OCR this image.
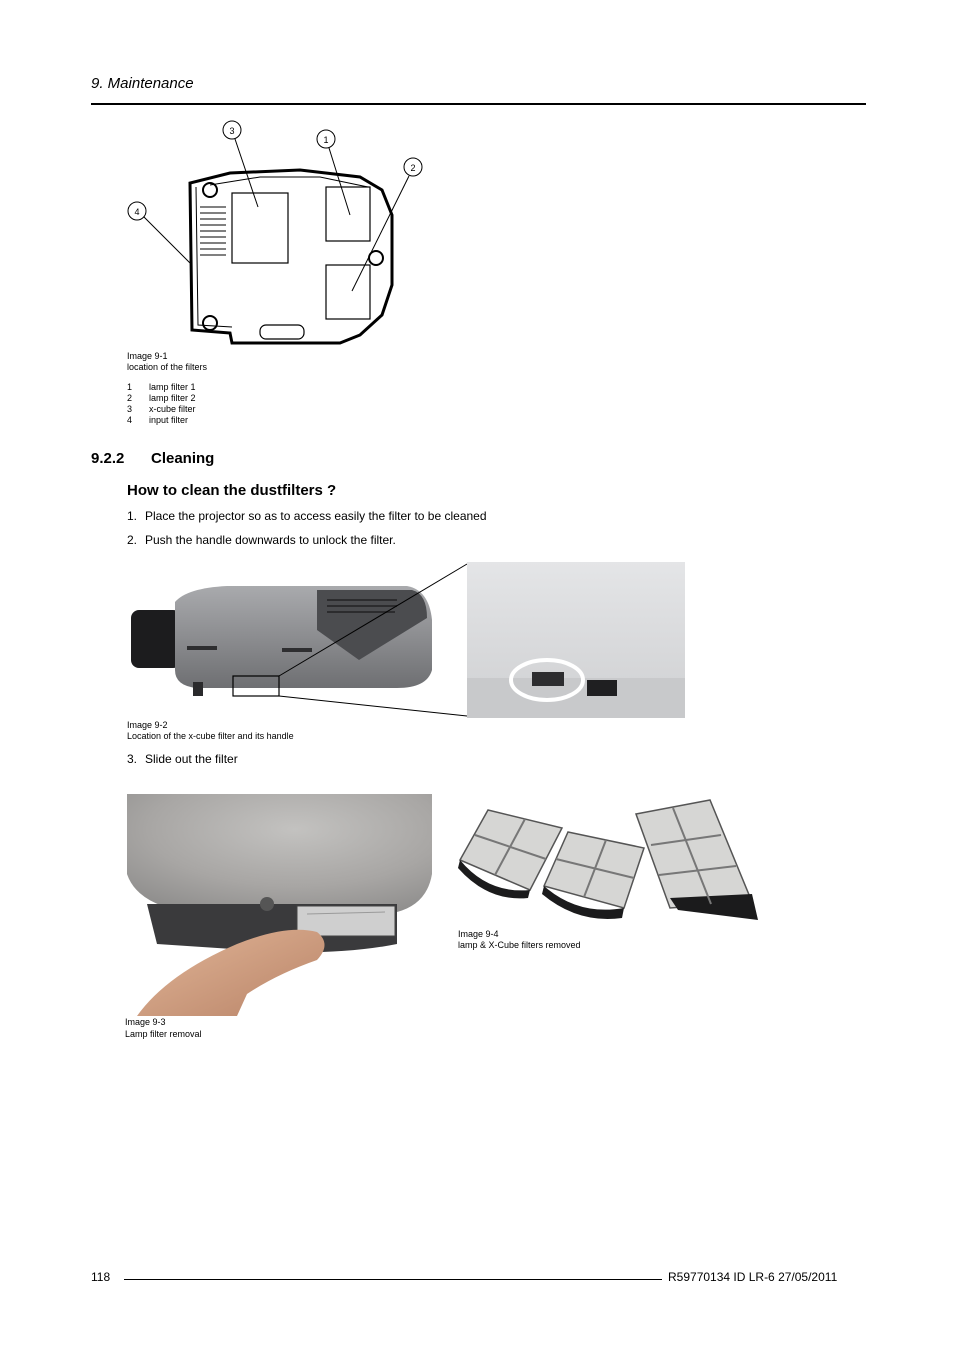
9. Maintenance
3
1
2
4
Image 9-1
location of the filters
1 lamp filter 1
2 lamp filter 2
3 x-cube filter
4 input filter
9.2.2 Cleaning
How to clean the dustfilters ?
1. Place the projector so as to access easily the filter to be cleaned
2. Push the handle downwards to unlock the filter.
Image 9-2
Location of the x-cube filter and its handle
3. Slide out the filter
Image 9-3
Lamp filter removal
Image 9-4
lamp & X-Cube filters removed
118	R59770134 ID LR-6 27/05/2011
